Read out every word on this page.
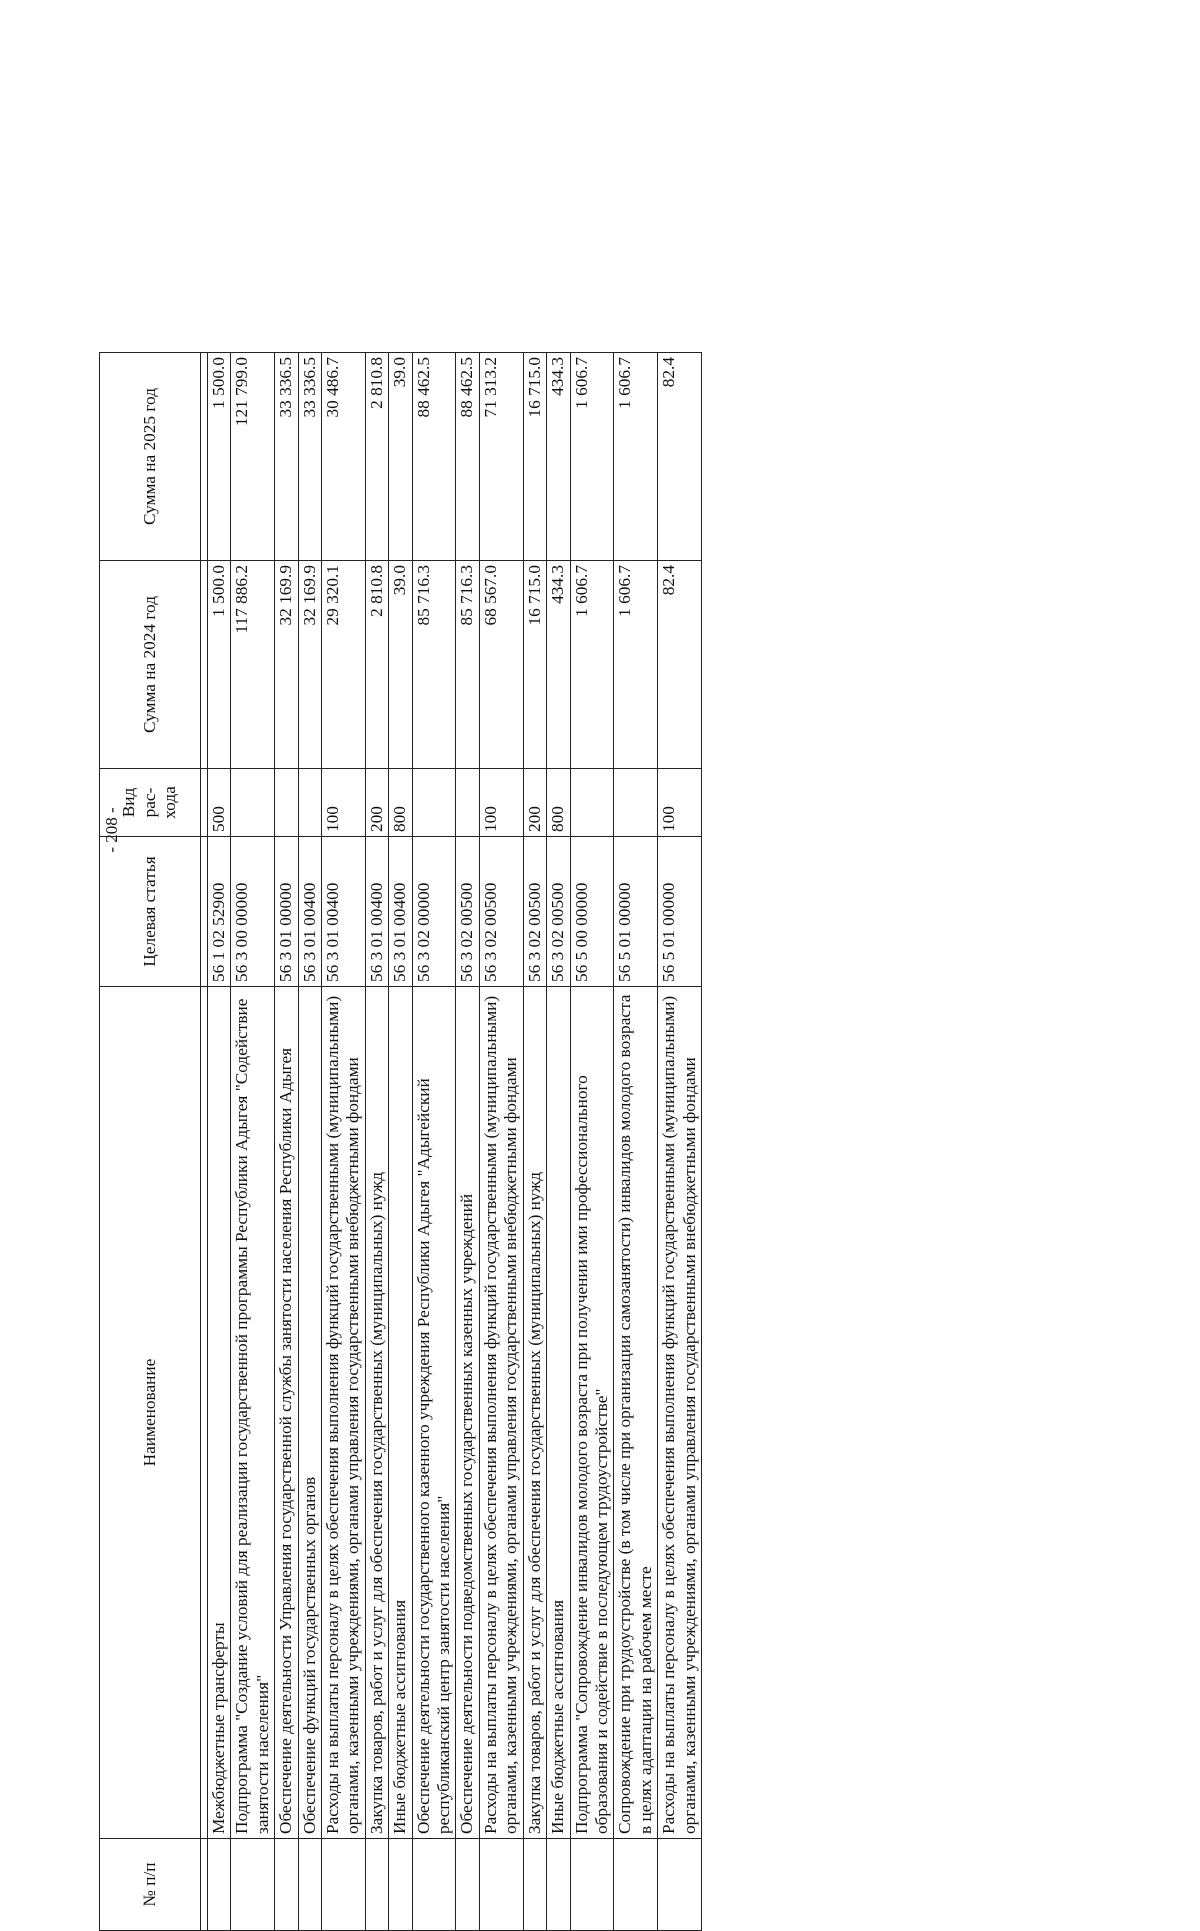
- 208 -
№ п/п	Наименование	Целевая статья	Вид рас- хода	Сумма на 2024 год	Сумма на 2025 год

	Межбюджетные трансферты	56 1 02 52900	500	1 500.0	1 500.0
	Подпрограмма "Создание условий для реализации государственной программы Республики Адыгея "Содействие занятости населения"	56 3 00 00000		117 886.2	121 799.0
	Обеспечение деятельности Управления государственной службы занятости населения Республики Адыгея	56 3 01 00000		32 169.9	33 336.5
	Обеспечение функций государственных органов	56 3 01 00400		32 169.9	33 336.5
	Расходы на выплаты персоналу в целях обеспечения выполнения функций государственными (муниципальными) органами, казенными учреждениями, органами управления государственными внебюджетными фондами	56 3 01 00400	100	29 320.1	30 486.7
	Закупка товаров, работ и услуг для обеспечения государственных (муниципальных) нужд	56 3 01 00400	200	2 810.8	2 810.8
	Иные бюджетные ассигнования	56 3 01 00400	800	39.0	39.0
	Обеспечение деятельности государственного казенного учреждения Республики Адыгея "Адыгейский республиканский центр занятости населения"	56 3 02 00000		85 716.3	88 462.5
	Обеспечение деятельности подведомственных государственных казенных учреждений	56 3 02 00500		85 716.3	88 462.5
	Расходы на выплаты персоналу в целях обеспечения выполнения функций государственными (муниципальными) органами, казенными учреждениями, органами управления государственными внебюджетными фондами	56 3 02 00500	100	68 567.0	71 313.2
	Закупка товаров, работ и услуг для обеспечения государственных (муниципальных) нужд	56 3 02 00500	200	16 715.0	16 715.0
	Иные бюджетные ассигнования	56 3 02 00500	800	434.3	434.3
	Подпрограмма "Сопровождение инвалидов молодого возраста при получении ими профессионального образования и содействие в последующем трудоустройстве"	56 5 00 00000		1 606.7	1 606.7
	Сопровождение при трудоустройстве (в том числе при организации самозанятости) инвалидов молодого возраста в целях адаптации на рабочем месте	56 5 01 00000		1 606.7	1 606.7
	Расходы на выплаты персоналу в целях обеспечения выполнения функций государственными (муниципальными) органами, казенными учреждениями, органами управления государственными внебюджетными фондами	56 5 01 00000	100	82.4	82.4
